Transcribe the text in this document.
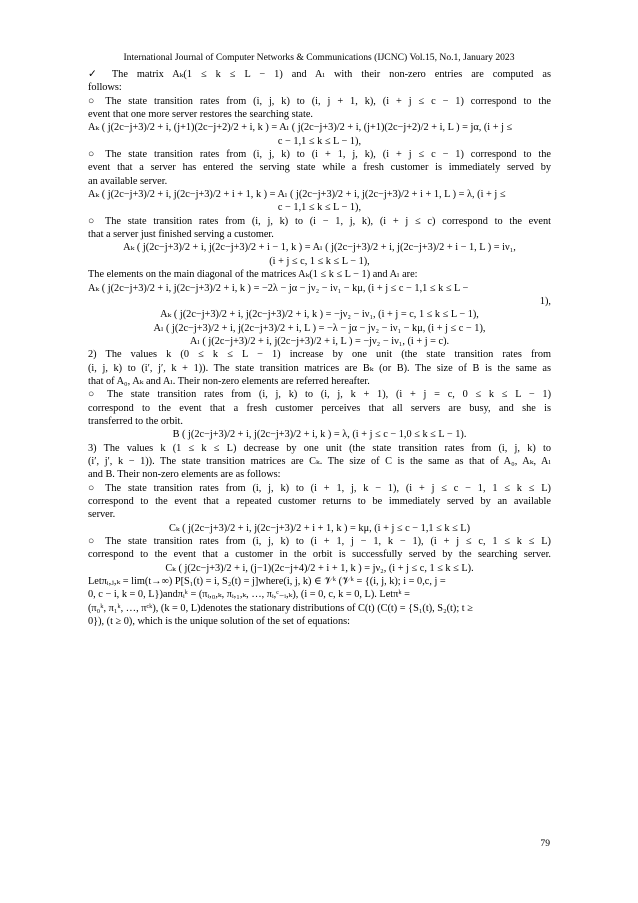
International Journal of Computer Networks & Communications (IJCNC) Vol.15, No.1, January 2023

✓ The matrix Aₖ(1 ≤ k ≤ L − 1) and Aₗ with their non-zero entries are computed as

follows:

○ The state transition rates from (i, j, k) to (i, j + 1, k), (i + j ≤ c − 1) correspond to the

event that one more server restores the searching state.

Aₖ ( j(2c−j+3)/2 + i, (j+1)(2c−j+2)/2 + i, k ) = Aₗ ( j(2c−j+3)/2 + i, (j+1)(2c−j+2)/2 + i, L ) = jα, (i + j ≤

c − 1,1 ≤ k ≤ L − 1),

○ The state transition rates from (i, j, k) to (i + 1, j, k), (i + j ≤ c − 1) correspond to the

event that a server has entered the serving state while a fresh customer is immediately served by

an available server.

Aₖ ( j(2c−j+3)/2 + i, j(2c−j+3)/2 + i + 1, k ) = Aₗ ( j(2c−j+3)/2 + i, j(2c−j+3)/2 + i + 1, L ) = λ, (i + j ≤

c − 1,1 ≤ k ≤ L − 1),

○ The state transition rates from (i, j, k) to (i − 1, j, k), (i + j ≤ c) correspond to the event

that a server just finished serving a customer.

Aₖ ( j(2c−j+3)/2 + i, j(2c−j+3)/2 + i − 1, k ) = Aₗ ( j(2c−j+3)/2 + i, j(2c−j+3)/2 + i − 1, L ) = iν₁,

(i + j ≤ c, 1 ≤ k ≤ L − 1),

The elements on the main diagonal of the matrices Aₖ(1 ≤ k ≤ L − 1) and Aₗ are:

Aₖ ( j(2c−j+3)/2 + i, j(2c−j+3)/2 + i, k ) = −2λ − jα − jν₂ − iν₁ − kμ, (i + j ≤ c − 1,1 ≤ k ≤ L −

1),

Aₖ ( j(2c−j+3)/2 + i, j(2c−j+3)/2 + i, k ) = −jν₂ − iν₁, (i + j = c, 1 ≤ k ≤ L − 1),

Aₗ ( j(2c−j+3)/2 + i, j(2c−j+3)/2 + i, L ) = −λ − jα − jν₂ − iν₁ − kμ, (i + j ≤ c − 1),

Aₗ ( j(2c−j+3)/2 + i, j(2c−j+3)/2 + i, L ) = −jν₂ − iν₁, (i + j = c).

2) The values k (0 ≤ k ≤ L − 1) increase by one unit (the state transition rates from

(i, j, k) to (i′, j′, k + 1)). The state transition matrices are Bₖ (or B). The size of B is the same as

that of A₀, Aₖ and Aₗ. Their non-zero elements are referred hereafter.

○ The state transition rates from (i, j, k) to (i, j, k + 1), (i + j = c, 0 ≤ k ≤ L − 1)

correspond to the event that a fresh customer perceives that all servers are busy, and she is

transferred to the orbit.

B ( j(2c−j+3)/2 + i, j(2c−j+3)/2 + i, k ) = λ, (i + j ≤ c − 1,0 ≤ k ≤ L − 1).

3) The values k (1 ≤ k ≤ L) decrease by one unit (the state transition rates from (i, j, k) to

(i′, j′, k − 1)). The state transition matrices are Cₖ. The size of C is the same as that of A₀, Aₖ, Aₗ

and B. Their non-zero elements are as follows:

○ The state transition rates from (i, j, k) to (i + 1, j, k − 1), (i + j ≤ c − 1, 1 ≤ k ≤ L)

correspond to the event that a repeated customer returns to be immediately served by an available

server.

Cₖ ( j(2c−j+3)/2 + i, j(2c−j+3)/2 + i + 1, k ) = kμ, (i + j ≤ c − 1,1 ≤ k ≤ L)

○ The state transition rates from (i, j, k) to (i + 1, j − 1, k − 1), (i + j ≤ c, 1 ≤ k ≤ L)

correspond to the event that a customer in the orbit is successfully served by the searching server.

Cₖ ( j(2c−j+3)/2 + i, (j−1)(2c−j+4)/2 + i + 1, k ) = jν₂, (i + j ≤ c, 1 ≤ k ≤ L).

Letπᵢ,ⱼ,ₖ = lim(t→∞) P[S₁(t) = i, S₂(t) = j]where(i, j, k) ∈ 𝒱ᵏ (𝒱ᵏ = {(i, j, k); i = 0,c, j =

0, c − i, k = 0, L})andπᵢᵏ = (πᵢ,₀,ₖ, πᵢ,₁,ₖ, …, πᵢ,ᶜ₋ᵢ,ₖ), (i = 0, c, k = 0, L). Letπᵏ =

(π₀ᵏ, π₁ᵏ, …, πᶜᵏ), (k = 0, L)denotes the stationary distributions of C(t) (C(t) = {S₁(t), S₂(t); t ≥

0}), (t ≥ 0), which is the unique solution of the set of equations:

79
